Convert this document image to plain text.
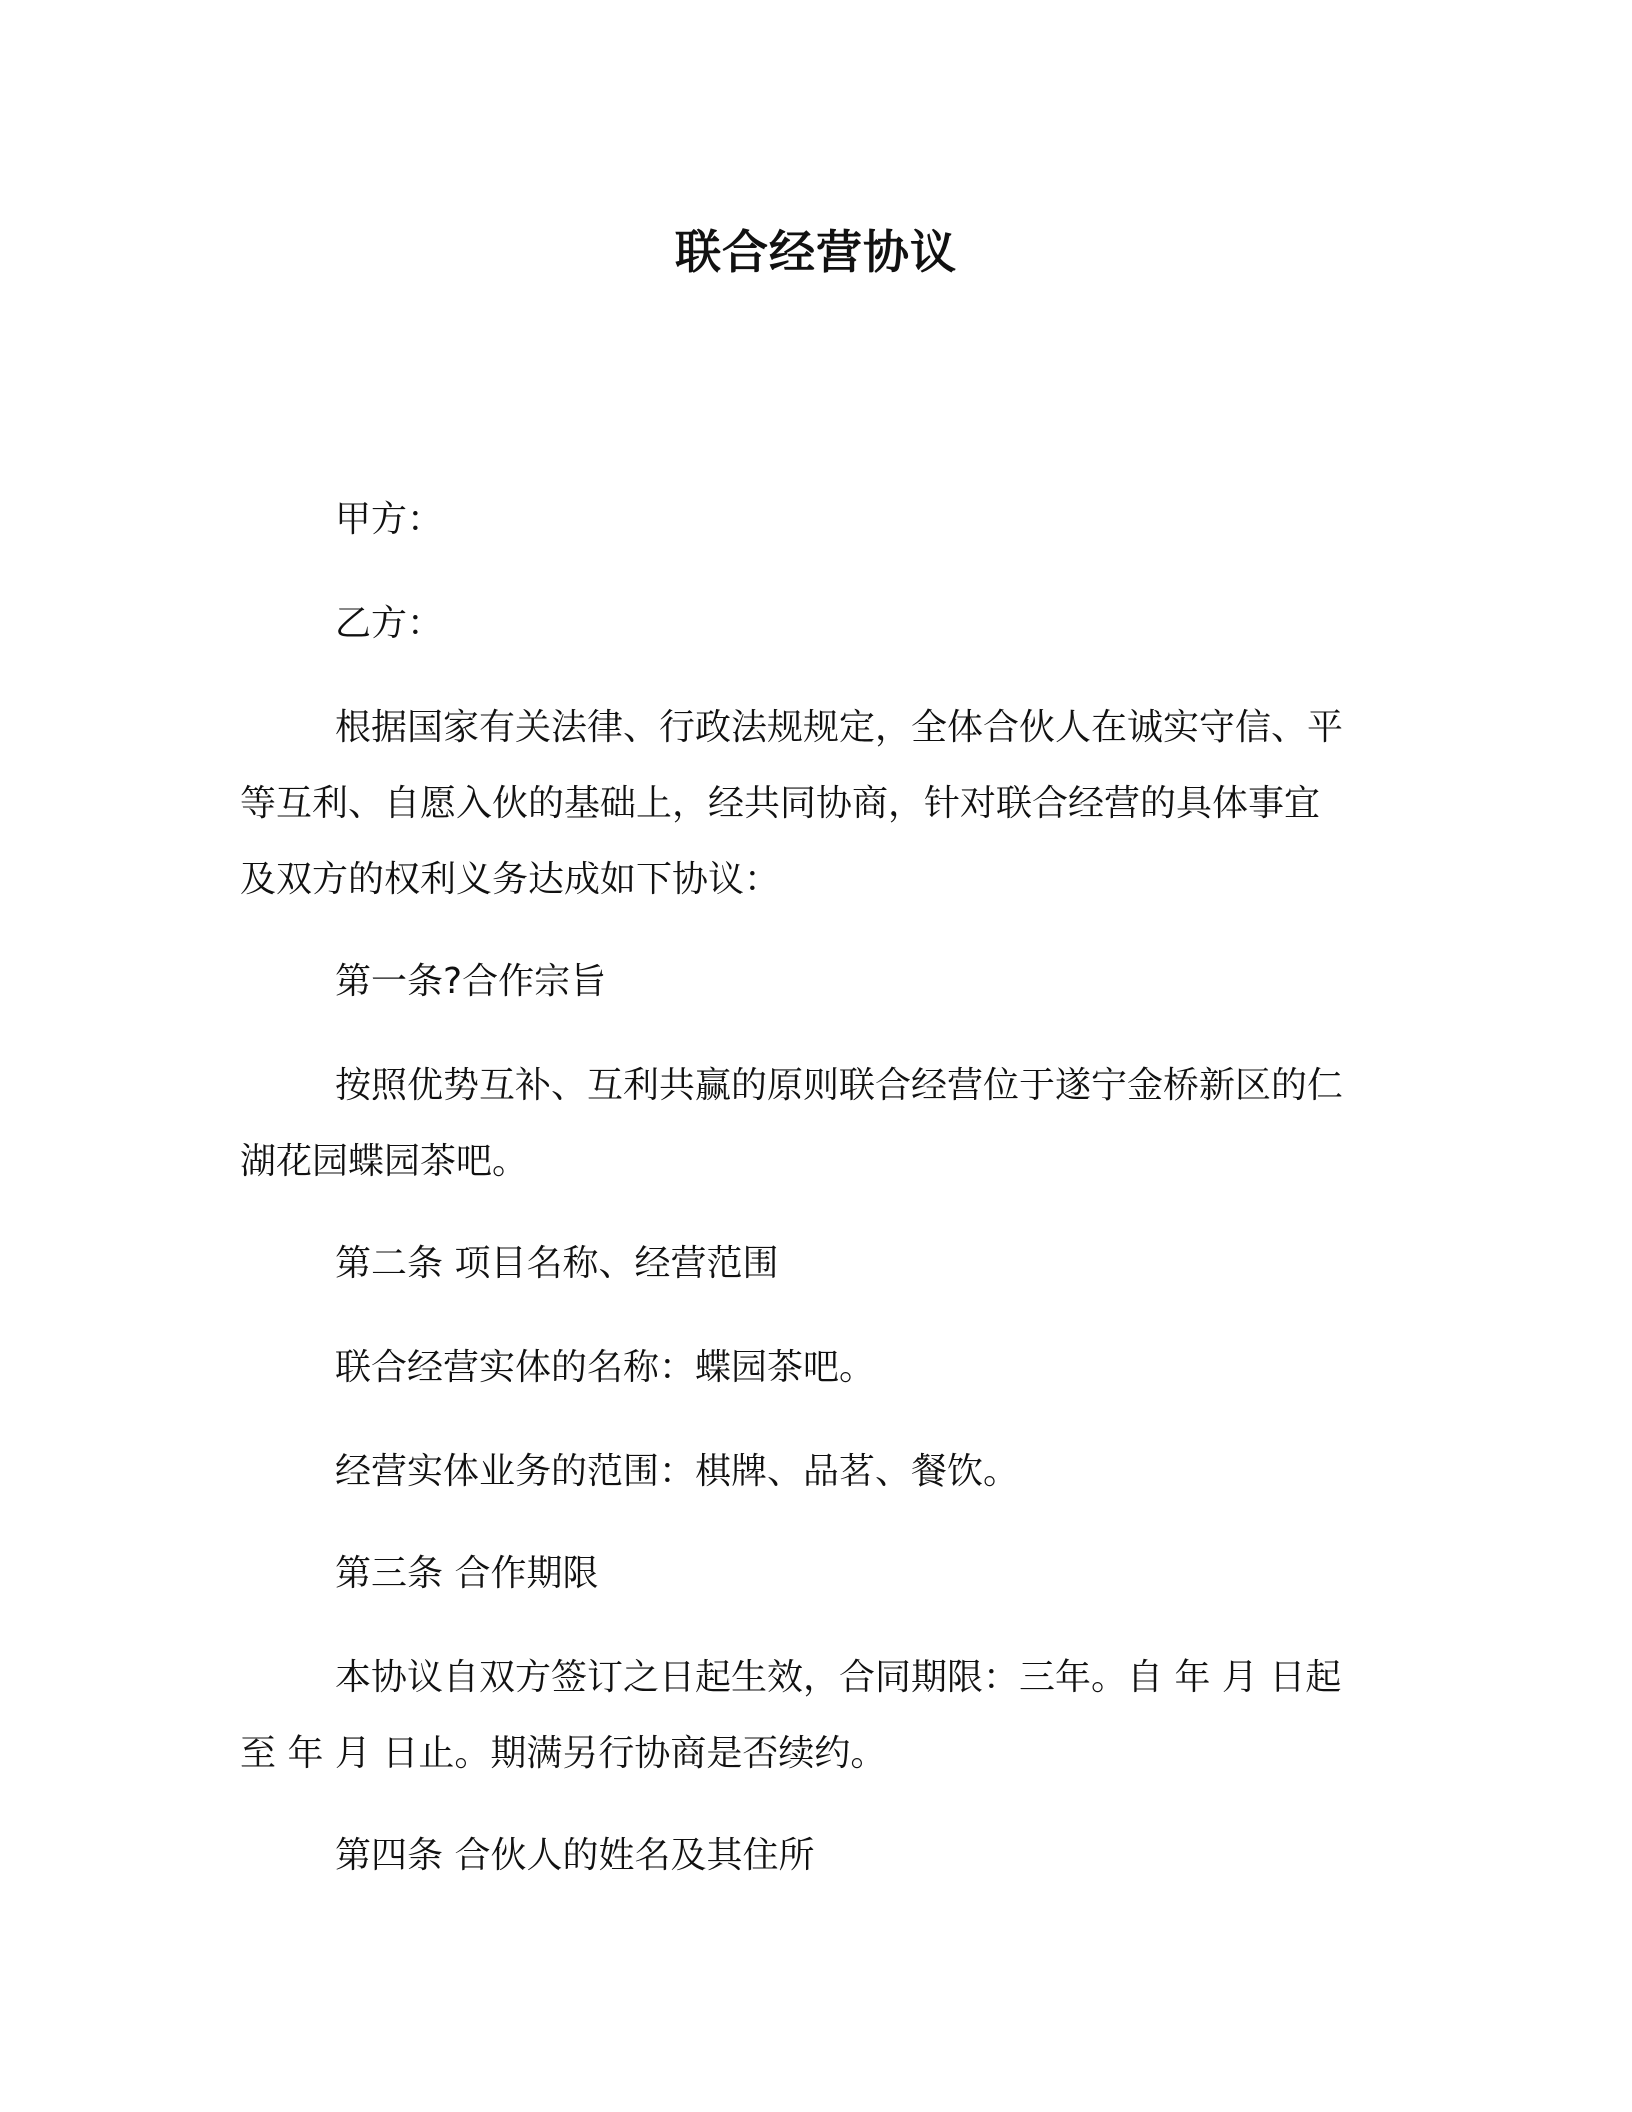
联合经营协议
甲方：
乙方：
根据国家有关法律、行政法规规定，全体合伙人在诚实守信、平
等互利、自愿入伙的基础上，经共同协商，针对联合经营的具体事宜
及双方的权利义务达成如下协议：
第一条?合作宗旨
按照优势互补、互利共赢的原则联合经营位于遂宁金桥新区的仁
湖花园蝶园茶吧。
第二条 项目名称、经营范围
联合经营实体的名称：蝶园茶吧。
经营实体业务的范围：棋牌、品茗、餐饮。
第三条 合作期限
本协议自双方签订之日起生效，合同期限：三年。自 年 月 日起
至 年 月 日止。期满另行协商是否续约。
第四条 合伙人的姓名及其住所
